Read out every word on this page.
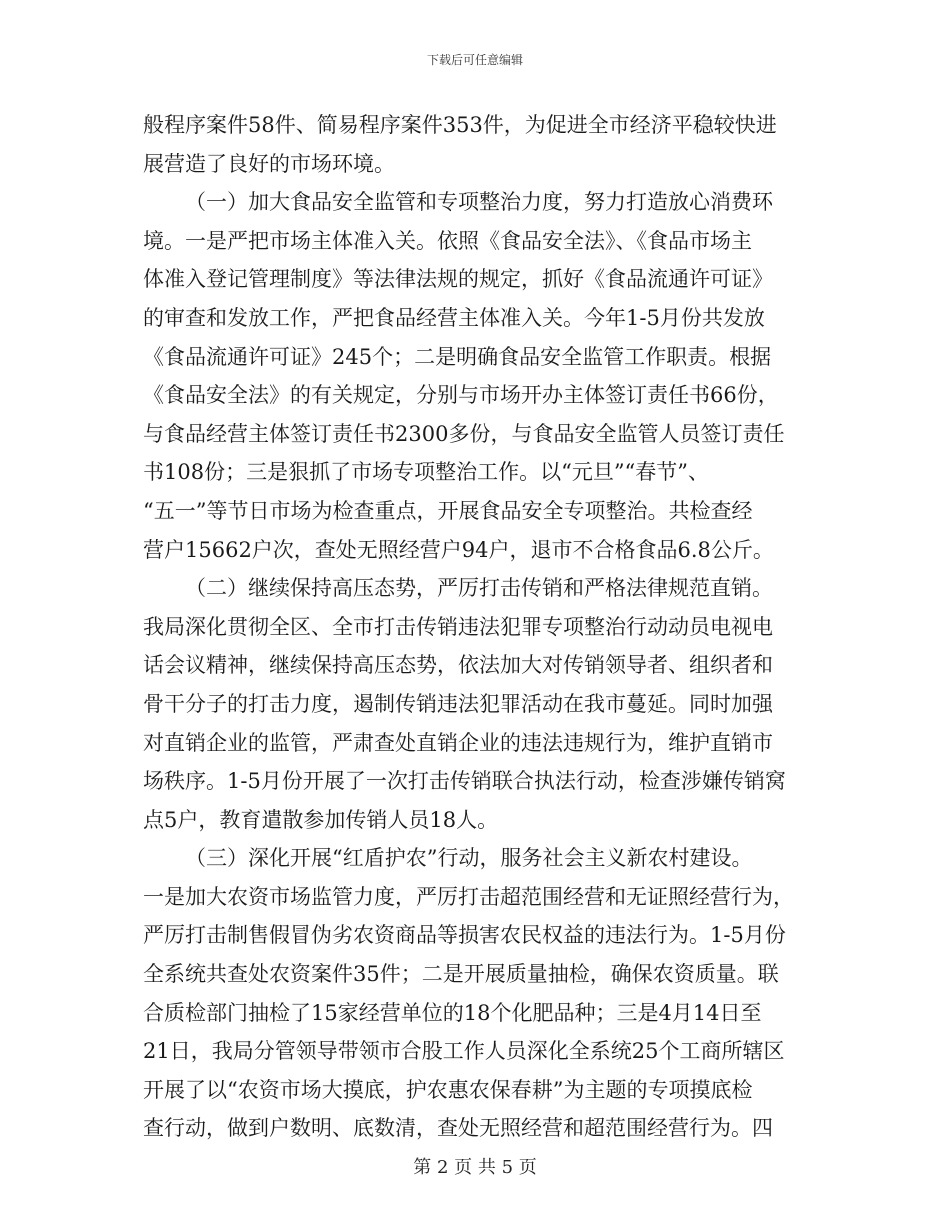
下载后可任意编辑
般程序案件58件、简易程序案件353件，为促进全市经济平稳较快进
展营造了良好的市场环境。
（一）加大食品安全监管和专项整治力度，努力打造放心消费环
境。一是严把市场主体准入关。依照《食品安全法》、《食品市场主
体准入登记管理制度》等法律法规的规定，抓好《食品流通许可证》
的审查和发放工作，严把食品经营主体准入关。今年1-5月份共发放
《食品流通许可证》245个；二是明确食品安全监管工作职责。根据
《食品安全法》的有关规定，分别与市场开办主体签订责任书66份，
与食品经营主体签订责任书2300多份，与食品安全监管人员签订责任
书108份；三是狠抓了市场专项整治工作。以“元旦”“春节”、
“五一”等节日市场为检查重点，开展食品安全专项整治。共检查经
营户15662户次，查处无照经营户94户，退市不合格食品6.8公斤。
（二）继续保持高压态势，严厉打击传销和严格法律规范直销。
我局深化贯彻全区、全市打击传销违法犯罪专项整治行动动员电视电
话会议精神，继续保持高压态势，依法加大对传销领导者、组织者和
骨干分子的打击力度，遏制传销违法犯罪活动在我市蔓延。同时加强
对直销企业的监管，严肃查处直销企业的违法违规行为，维护直销市
场秩序。1-5月份开展了一次打击传销联合执法行动，检查涉嫌传销窝
点5户，教育遣散参加传销人员18人。
（三）深化开展“红盾护农”行动，服务社会主义新农村建设。
一是加大农资市场监管力度，严厉打击超范围经营和无证照经营行为，
严厉打击制售假冒伪劣农资商品等损害农民权益的违法行为。1-5月份
全系统共查处农资案件35件；二是开展质量抽检，确保农资质量。联
合质检部门抽检了15家经营单位的18个化肥品种；三是4月14日至
21日，我局分管领导带领市合股工作人员深化全系统25个工商所辖区
开展了以“农资市场大摸底，护农惠农保春耕”为主题的专项摸底检
查行动，做到户数明、底数清，查处无照经营和超范围经营行为。四
第 2 页 共 5 页
